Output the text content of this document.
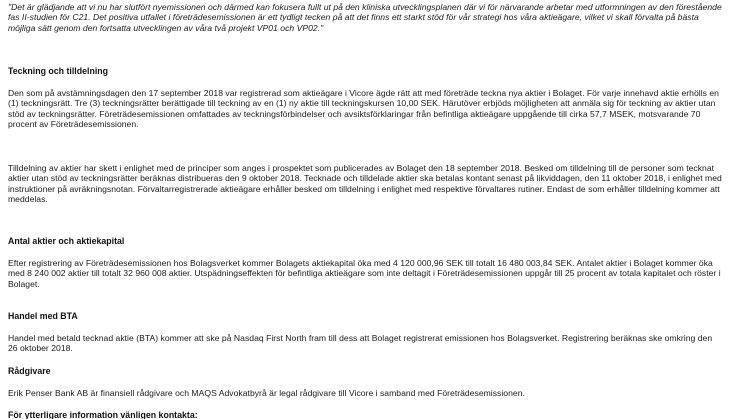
"Det är glädjande att vi nu har slutfört nyemissionen och därmed kan fokusera fullt ut på den kliniska utvecklingsplanen där vi för närvarande arbetar med utformningen av den förestående fas II-studien för C21. Det positiva utfallet i företrädesemissionen är ett tydligt tecken på att det finns ett starkt stöd för vår strategi hos våra aktieägare, vilket vi skall förvalta på bästa möjliga sätt genom den fortsatta utvecklingen av våra två projekt VP01 och VP02."

Teckning och tilldelning

Den som på avstämningsdagen den 17 september 2018 var registrerad som aktieägare i Vicore ägde rätt att med företräde teckna nya aktier i Bolaget. För varje innehavd aktie erhölls en (1) teckningsrätt. Tre (3) teckningsrätter berättigade till teckning av en (1) ny aktie till teckningskursen 10,00 SEK. Härutöver erbjöds möjligheten att anmäla sig för teckning av aktier utan stöd av teckningsrätter. Företrädesemissionen omfattades av teckningsförbindelser och avsiktsförklaringar från befintliga aktieägare uppgående till cirka 57,7 MSEK, motsvarande 70 procent av Företrädesemissionen.

Tilldelning av aktier har skett i enlighet med de principer som anges i prospektet som publicerades av Bolaget den 18 september 2018. Besked om tilldelning till de personer som tecknat aktier utan stöd av teckningsrätter beräknas distribueras den 9 oktober 2018. Tecknade och tilldelade aktier ska betalas kontant senast på likviddagen, den 11 oktober 2018, i enlighet med instruktioner på avräkningsnotan. Förvaltarregistrerade aktieägare erhåller besked om tilldelning i enlighet med respektive förvaltares rutiner. Endast de som erhåller tilldelning kommer att meddelas.

Antal aktier och aktiekapital

Efter registrering av Företrädesemissionen hos Bolagsverket kommer Bolagets aktiekapital öka med 4 120 000,96 SEK till totalt 16 480 003,84 SEK. Antalet aktier i Bolaget kommer öka med 8 240 002 aktier till totalt 32 960 008 aktier. Utspädningseffekten för befintliga aktieägare som inte deltagit i Företrädesemissionen uppgår till 25 procent av totala kapitalet och röster i Bolaget.

Handel med BTA

Handel med betald tecknad aktie (BTA) kommer att ske på Nasdaq First North fram till dess att Bolaget registrerat emissionen hos Bolagsverket. Registrering beräknas ske omkring den 26 oktober 2018.

Rådgivare

Erik Penser Bank AB är finansiell rådgivare och MAQS Advokatbyrå är legal rådgivare till Vicore i samband med Företrädesemissionen.

För ytterligare information vänligen kontakta:
